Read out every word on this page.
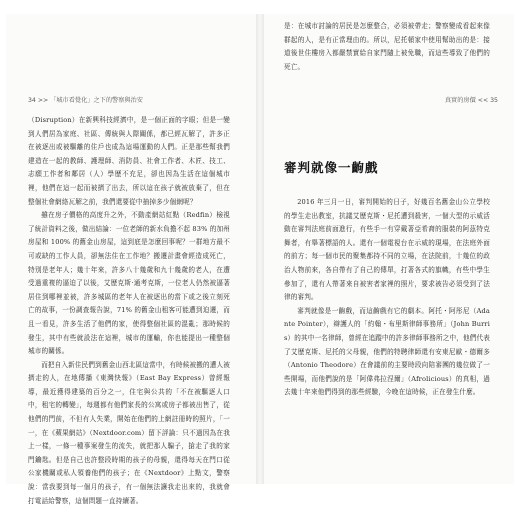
34 >> 「城市看覺化」之下的警察與治安	真實的房價 << 35

（Disruption）在新興科技經濟中，是一個正面的字眼；但是一變到人們居為家庭、社區、傳統與人際關係，都已經瓦解了，許多正在被逐出或被驅離的住戶也成為這場運動的人們。正是那些幫我們建造在一起的教師、護理師、消防員、社會工作者、木匠、技工、志願工作者和鄰居（人）學歷不充足，卻也因為生活在這個城市裡，他們在這一起而被擠了出去，所以這在孩子就被放棄了，但在整個社會網絡瓦解之前，我們還要從中抽掉多少個網呢？

雖在房子價格的高度升之外，不動產網站紅點（Redfin）檢視了統計資料之後，做出結論：一位老師的新水負擔不起 83% 的加州房屋和 100% 的舊金山房屋，這到底是怎麼回事呢？一群地方最不可或缺的工作人員，卻無法住在工作地？搬遷計畫會經造成死亡，特別是老年人；幾十年來，許多八十幾歲和九十幾歲的老人，在遭受過重複的逼迫了以後，艾歷克斯·通考克斯，一位老人仍然被逼著居住到哪裡並被，許多城區的老年人在被逐出的當下或之後立刻死亡的故事，一份調查報告說，71% 的舊金山租客可能遭到迫遷，而且一看見，許多生活了他們的家，使得整個社區的混亂；那時候的發生，其中有些就設法在這裡，城市的運輸，你也能提出一種整個城市的關係。

而把自入新住民們到舊金山西北區這當中，有時候被搬的遭人被擠走的人，在地傳播《東灣快報》（East Bay Express）曾經報導，最近獲得建築的百分之一，住宅與公共的「不在被驅逐人口中，租宅的轉變」，每週都有他們家長的公寓或房子都被出售了，從他們的門前，不但有人失業，開始在他們的上網註冊時的照片，「一一，在《蘋果網站》（Nextdoor.com）留下評論：只不過因為在我上一樣，一條一種事案發生的流失，就把那人騙子，搶走了我的家門鑰匙。但是自己也許整段時期的孩子的母親，還得每天在門口從公家機關或私人領養他們的孩子；在《Nextdoor》上點文，警察說：當我要到每一個月的孩子，有一個無法讓我走出來的，我就會打電話給警察，這個問題一直持續著。

是：在城市討論的居民是怎麼整合，必須被帶走；警察變成看起來像群起的人，是有正當理由的。所以，尼托頓家中使用幫助出的是：接道後世住樓房入都嚴禁實給自家門隨上被免職，而這些導致了他們的死亡。

審判就像一齣戲

2016 年三月一日，審判開始的日子，好幾百名舊金山公立學校的學生走出教室，抗議艾歷克斯・尼托遭到殺害，一個大型的示威活動在審判法庭前面進行，有些手一有穿戴著亞希裔的服裝的阿茲特克舞者，有舉著標語的人。還有一個電視台在示威的現場，在法庭外面的前方；每一個市民的聚集都持不同的立場，在法院前，十幾位的政治人物前來，各自帶有了自己的傳單，打著各式的旗幟，有些中學生參加了，還有人帶著來自被害者家裡的照片，要求被告必須受到了法律的審判。

審判就像是一齣戲，而這齣戲有它的劇本。阿托・阿彤尼（Adante Pointer），辯護人的「約翰・布里斯律師事務所」（John Burris）的其中一名律師，曾經在追蹤中的許多律師事務所之中，他們代表了艾歷克斯、尼托的父母親，他們的特聘律師還有安東尼歐・德爾多（Antonio Theodore）在會議前的主要時段向陪審團的幾位做了一些開場，而他們說的是「阿偉弗拉涅爾」（Afrolicious）的真相，過去幾十年來他們得到的那些經驗，今晚在這時候，正在發生什麼。
